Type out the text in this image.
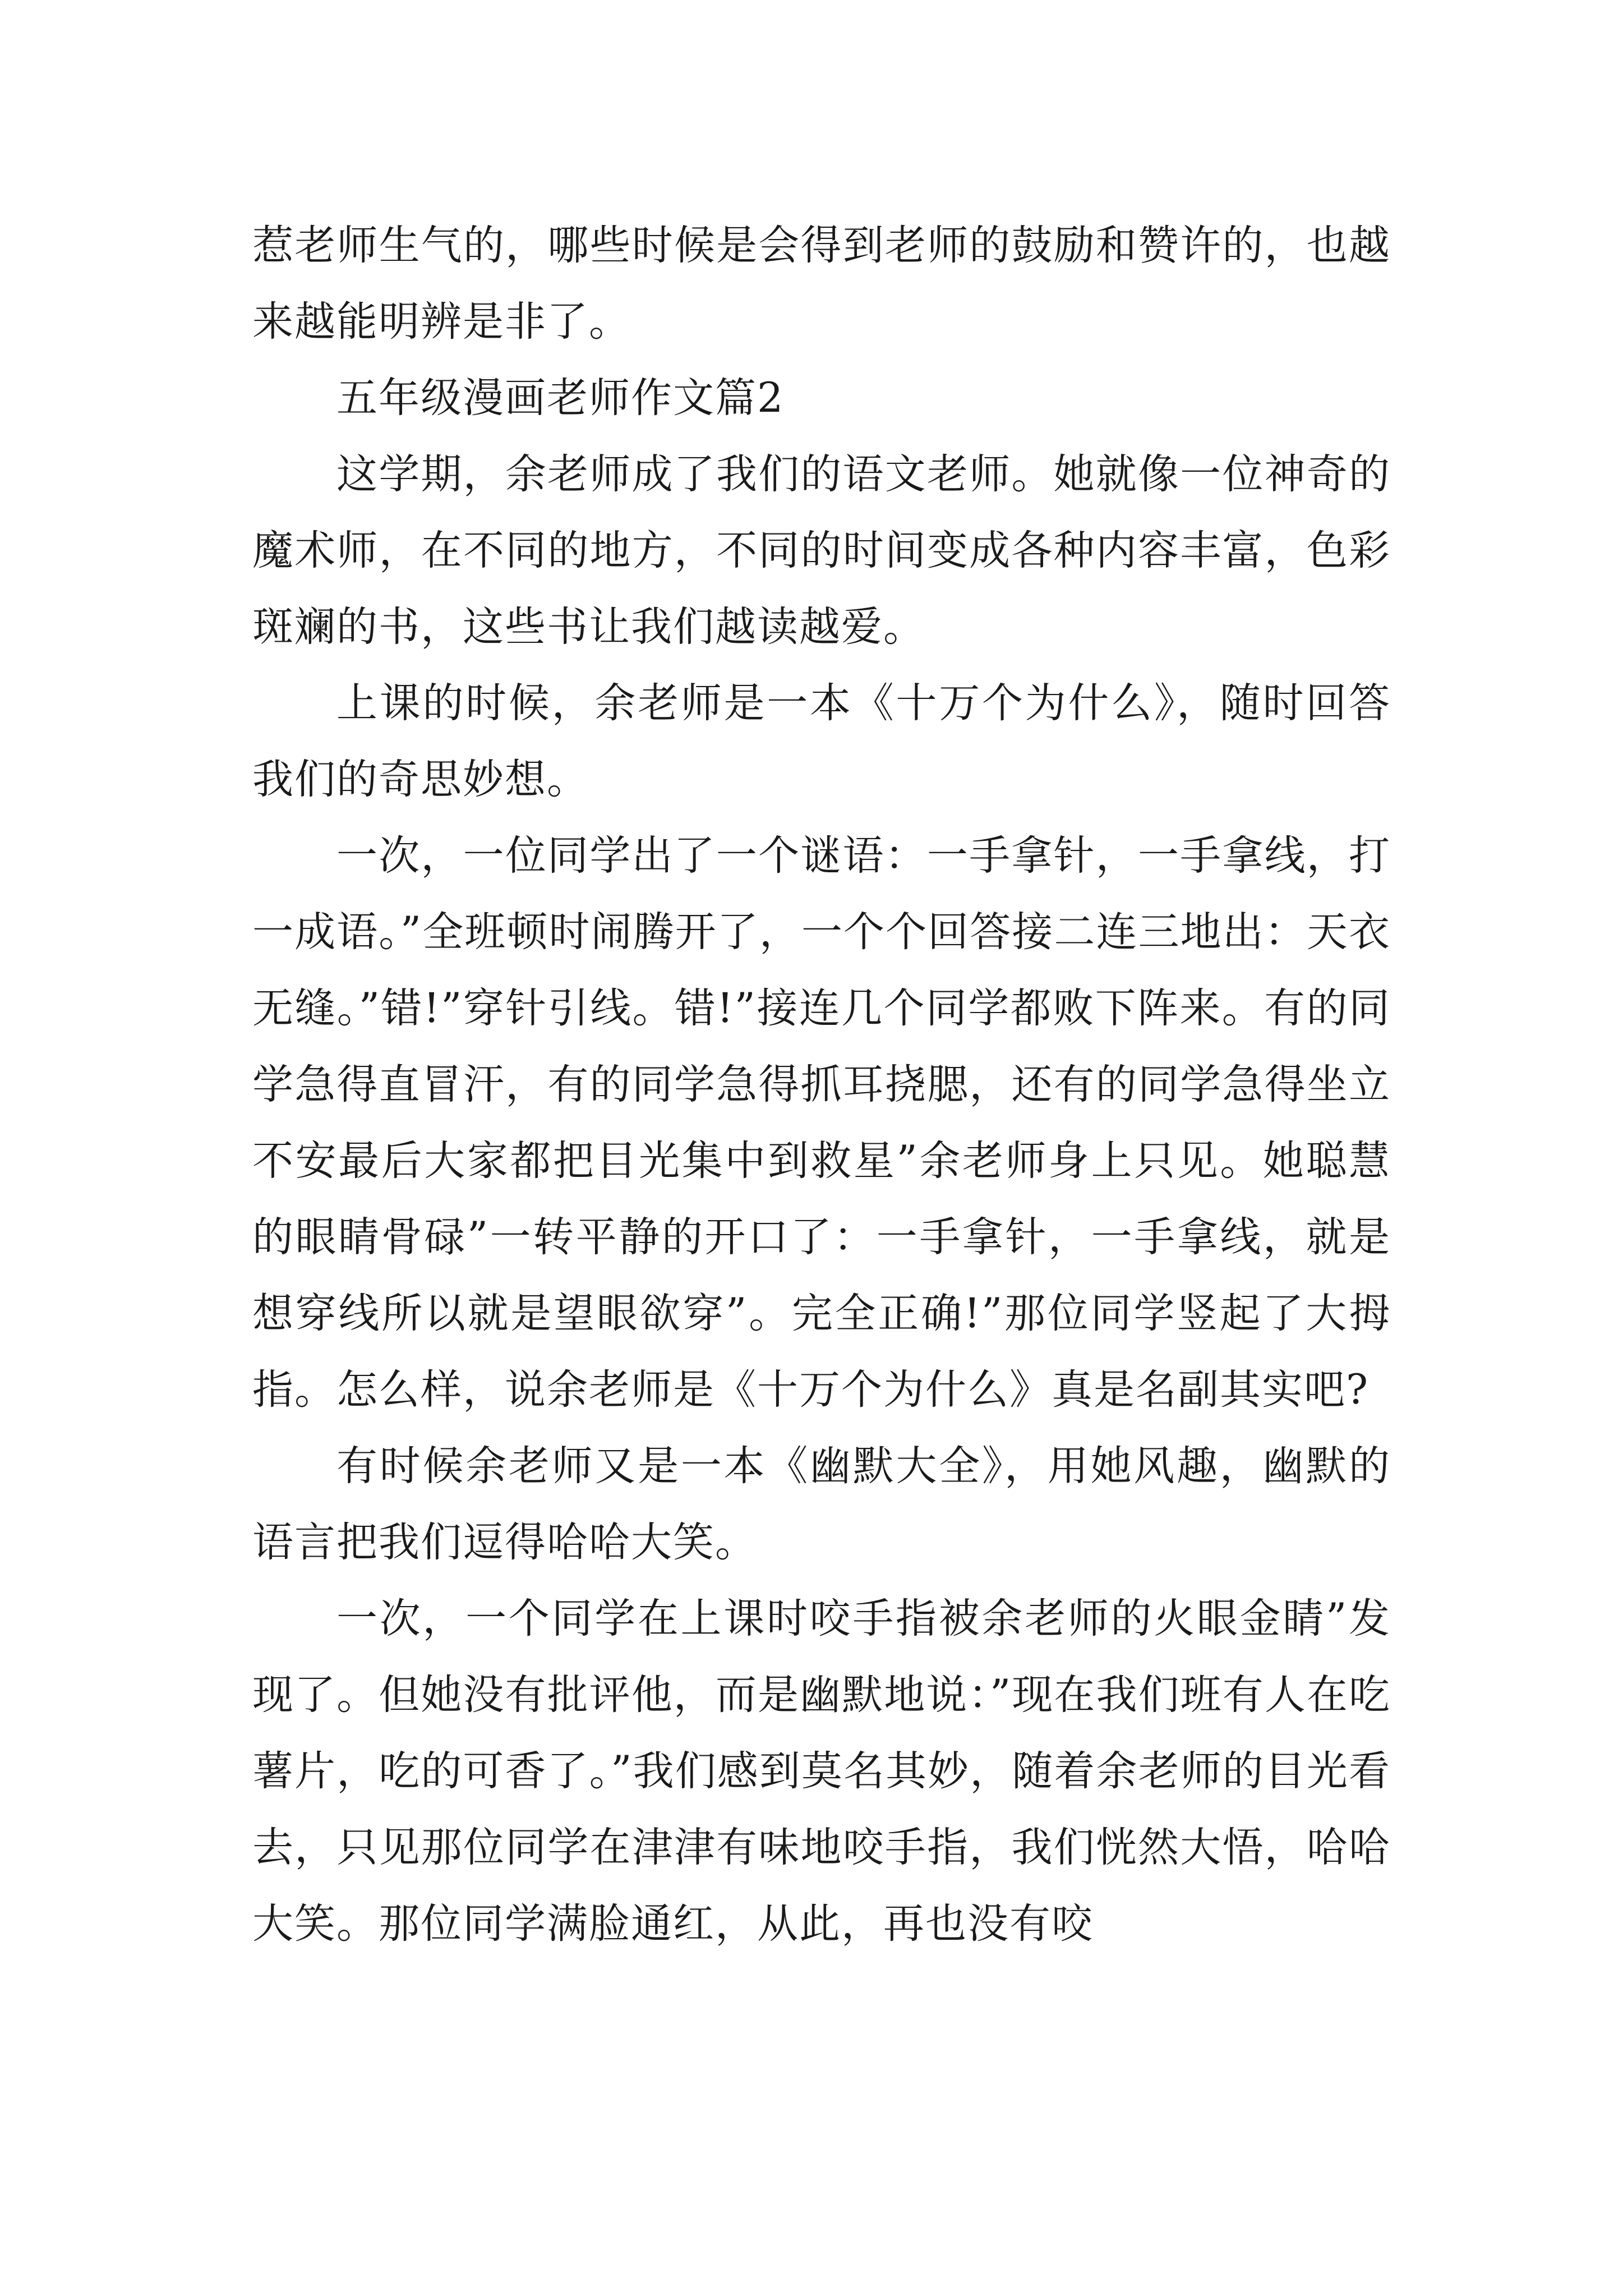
惹老师生气的，哪些时候是会得到老师的鼓励和赞许的，也越来越能明辨是非了。

五年级漫画老师作文篇2

这学期，余老师成了我们的语文老师。她就像一位神奇的魔术师，在不同的地方，不同的时间变成各种内容丰富，色彩斑斓的书，这些书让我们越读越爱。

上课的时候，余老师是一本《十万个为什么》，随时回答我们的奇思妙想。

一次，一位同学出了一个谜语：一手拿针，一手拿线，打一成语。”全班顿时闹腾开了，一个个回答接二连三地出：天衣无缝。”错!”穿针引线。错!”接连几个同学都败下阵来。有的同学急得直冒汗，有的同学急得抓耳挠腮，还有的同学急得坐立不安最后大家都把目光集中到救星”余老师身上只见。她聪慧的眼睛骨碌”一转平静的开口了：一手拿针，一手拿线，就是想穿线所以就是望眼欲穿”。完全正确!”那位同学竖起了大拇指。怎么样，说余老师是《十万个为什么》真是名副其实吧?

有时候余老师又是一本《幽默大全》，用她风趣，幽默的语言把我们逗得哈哈大笑。

一次，一个同学在上课时咬手指被余老师的火眼金睛”发现了。但她没有批评他，而是幽默地说：”现在我们班有人在吃薯片，吃的可香了。”我们感到莫名其妙，随着余老师的目光看去，只见那位同学在津津有味地咬手指，我们恍然大悟，哈哈大笑。那位同学满脸通红，从此，再也没有咬
